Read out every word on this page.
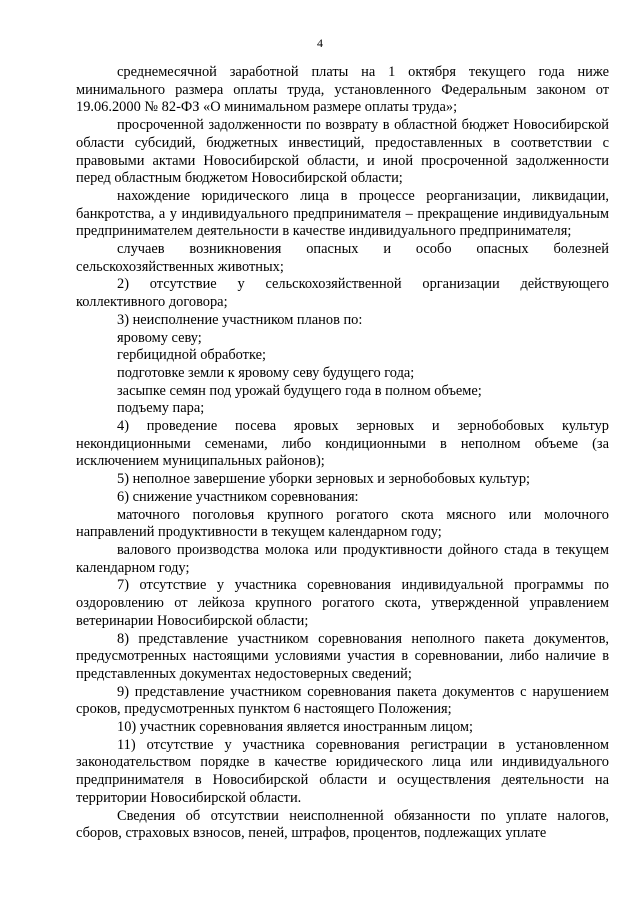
4

среднемесячной заработной платы на 1 октября текущего года ниже минимального размера оплаты труда, установленного Федеральным законом от 19.06.2000 № 82-ФЗ «О минимальном размере оплаты труда»;

просроченной задолженности по возврату в областной бюджет Новосибирской области субсидий, бюджетных инвестиций, предоставленных в соответствии с правовыми актами Новосибирской области, и иной просроченной задолженности перед областным бюджетом Новосибирской области;

нахождение юридического лица в процессе реорганизации, ликвидации, банкротства, а у индивидуального предпринимателя – прекращение индивидуальным предпринимателем деятельности в качестве индивидуального предпринимателя;

случаев возникновения опасных и особо опасных болезней сельскохозяйственных животных;

2) отсутствие у сельскохозяйственной организации действующего коллективного договора;

3) неисполнение участником планов по:

яровому севу;

гербицидной обработке;

подготовке земли к яровому севу будущего года;

засыпке семян под урожай будущего года в полном объеме;

подъему пара;

4) проведение посева яровых зерновых и зернобобовых культур некондиционными семенами, либо кондиционными в неполном объеме (за исключением муниципальных районов);

5) неполное завершение уборки зерновых и зернобобовых культур;

6) снижение участником соревнования:

маточного поголовья крупного рогатого скота мясного или молочного направлений продуктивности в текущем календарном году;

валового производства молока или продуктивности дойного стада в текущем календарном году;

7) отсутствие у участника соревнования индивидуальной программы по оздоровлению от лейкоза крупного рогатого скота, утвержденной управлением ветеринарии Новосибирской области;

8) представление участником соревнования неполного пакета документов, предусмотренных настоящими условиями участия в соревновании, либо наличие в представленных документах недостоверных сведений;

9) представление участником соревнования пакета документов с нарушением сроков, предусмотренных пунктом 6 настоящего Положения;

10) участник соревнования является иностранным лицом;

11) отсутствие у участника соревнования регистрации в установленном законодательством порядке в качестве юридического лица или индивидуального предпринимателя в Новосибирской области и осуществления деятельности на территории Новосибирской области.

Сведения об отсутствии неисполненной обязанности по уплате налогов, сборов, страховых взносов, пеней, штрафов, процентов, подлежащих уплате
